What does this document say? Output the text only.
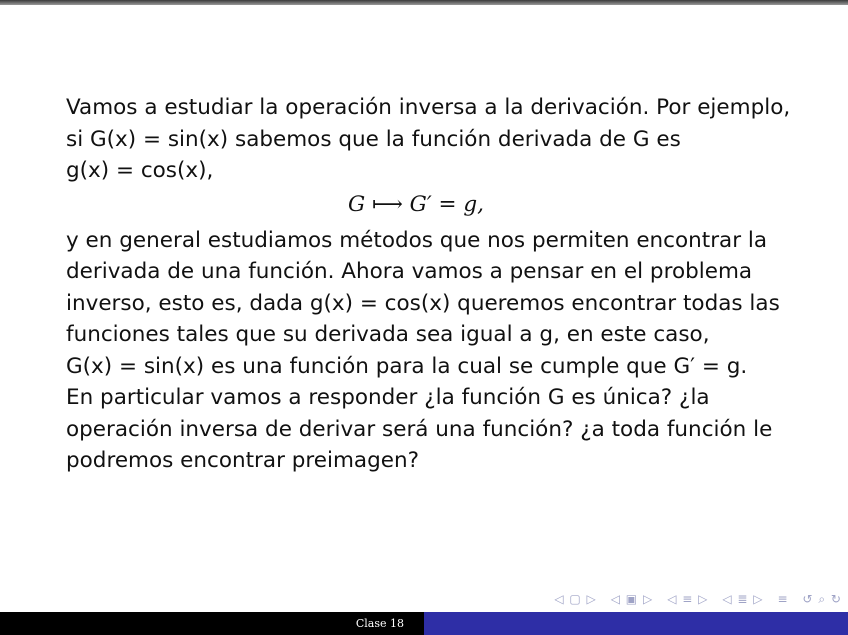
Vamos a estudiar la operación inversa a la derivación. Por ejemplo,

si G(x) = sin(x) sabemos que la función derivada de G es

g(x) = cos(x),

G ⟼ G′ = g,

y en general estudiamos métodos que nos permiten encontrar la

derivada de una función. Ahora vamos a pensar en el problema

inverso, esto es, dada g(x) = cos(x) queremos encontrar todas las

funciones tales que su derivada sea igual a g, en este caso,

G(x) = sin(x) es una función para la cual se cumple que G′ = g.

En particular vamos a responder ¿la función G es única? ¿la

operación inversa de derivar será una función? ¿a toda función le

podremos encontrar preimagen?

◁ ▢ ▷ ◁ ▣ ▷ ◁ ≡ ▷ ◁ ≣ ▷ ≡ ↺ ⌕ ↻
Clase 18
